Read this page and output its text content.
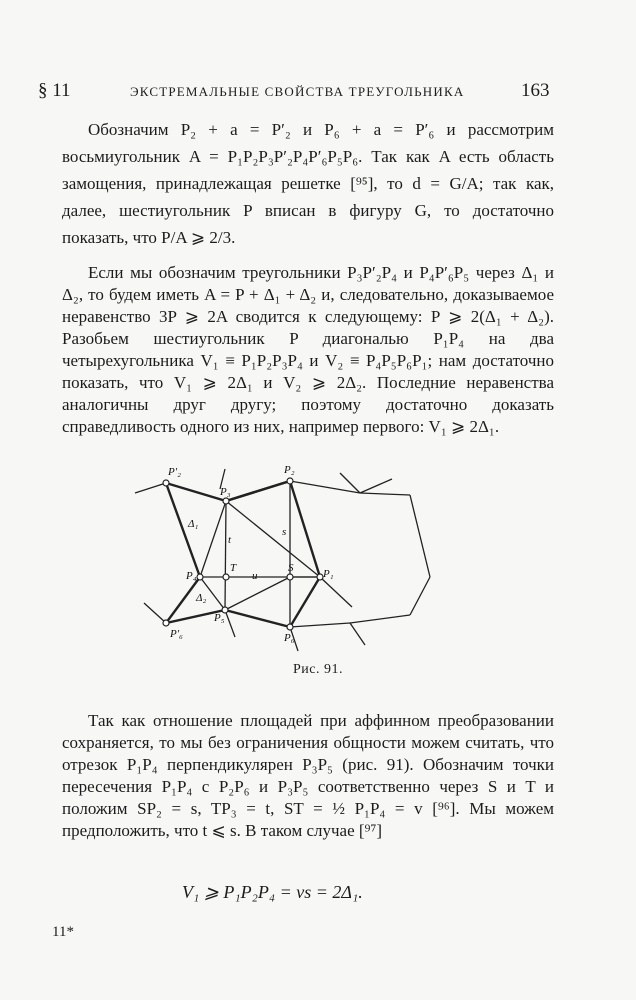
§ 11	ЭКСТРЕМАЛЬНЫЕ СВОЙСТВА ТРЕУГОЛЬНИКА	163
Обозначим P₂ + a = P′₂ и P₆ + a = P′₆ и рассмотрим восьмиугольник A = P₁P₂P₃P′₂P₄P′₆P₅P₆. Так как A есть область замощения, принадлежащая решетке [⁹⁵], то d = G/A; так как, далее, шестиугольник P вписан в фигуру G, то достаточно показать, что P/A ⩾ 2/3.
Если мы обозначим треугольники P₃P′₂P₄ и P₄P′₆P₅ через Δ₁ и Δ₂, то будем иметь A = P + Δ₁ + Δ₂ и, следовательно, доказываемое неравенство 3P ⩾ 2A сводится к следующему: P ⩾ 2(Δ₁ + Δ₂). Разобьем шестиугольник P диагональю P₁P₄ на два четырехугольника V₁ ≡ P₁P₂P₃P₄ и V₂ ≡ P₄P₅P₆P₁; нам достаточно показать, что V₁ ⩾ 2Δ₁ и V₂ ⩾ 2Δ₂. Последние неравенства аналогичны друг другу; поэтому достаточно доказать справедливость одного из них, например первого: V₁ ⩾ 2Δ₁.
P′₂
P₃
P₂
Δ₁
t
s
T
u
S
P₄	P₁
Δ₂
P₅
P₆
P′₆
Рис. 91.
Так как отношение площадей при аффинном преобразовании сохраняется, то мы без ограничения общности можем считать, что отрезок P₁P₄ перпендикулярен P₃P₅ (рис. 91). Обозначим точки пересечения P₁P₄ с P₂P₆ и P₃P₅ соответственно через S и T и положим SP₂ = s, TP₃ = t, ST = ½ P₁P₄ = v [⁹⁶]. Мы можем предположить, что t ⩽ s. В таком случае [⁹⁷]
V₁ ⩾ P₁P₂P₄ = vs = 2Δ₁.
11*
